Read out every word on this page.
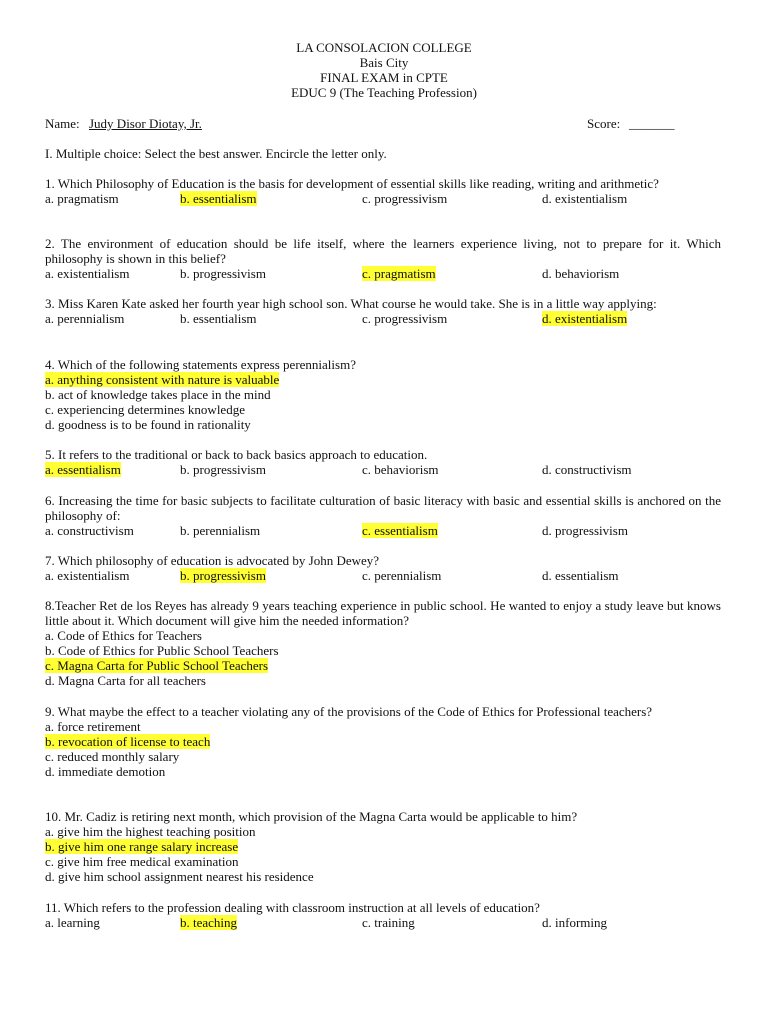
LA CONSOLACION COLLEGE
Bais City
FINAL EXAM in CPTE
EDUC 9 (The Teaching Profession)
Name: Judy Disor Diotay, Jr.	Score: _______
I. Multiple choice: Select the best answer. Encircle the letter only.
1. Which Philosophy of Education is the basis for development of essential skills like reading, writing and arithmetic?
a. pragmatism	b. essentialism	c. progressivism	d. existentialism
2. The environment of education should be life itself, where the learners experience living, not to prepare for it. Which philosophy is shown in this belief?
a. existentialism	b. progressivism	c. pragmatism	d. behaviorism
3. Miss Karen Kate asked her fourth year high school son. What course he would take. She is in a little way applying:
a. perennialism	b. essentialism	c. progressivism	d. existentialism
4. Which of the following statements express perennialism?
a. anything consistent with nature is valuable
b. act of knowledge takes place in the mind
c. experiencing determines knowledge
d. goodness is to be found in rationality
5. It refers to the traditional or back to back basics approach to education.
a. essentialism	b. progressivism	c. behaviorism	d. constructivism
6. Increasing the time for basic subjects to facilitate culturation of basic literacy with basic and essential skills is anchored on the philosophy of:
a. constructivism	b. perennialism	c. essentialism	d. progressivism
7. Which philosophy of education is advocated by John Dewey?
a. existentialism	b. progressivism	c. perennialism	d. essentialism
8.Teacher Ret de los Reyes has already 9 years teaching experience in public school. He wanted to enjoy a study leave but knows little about it. Which document will give him the needed information?
a. Code of Ethics for Teachers
b. Code of Ethics for Public School Teachers
c. Magna Carta for Public School Teachers
d. Magna Carta for all teachers
9. What maybe the effect to a teacher violating any of the provisions of the Code of Ethics for Professional teachers?
a. force retirement
b. revocation of license to teach
c. reduced monthly salary
d. immediate demotion
10. Mr. Cadiz is retiring next month, which provision of the Magna Carta would be applicable to him?
a. give him the highest teaching position
b. give him one range salary increase
c. give him free medical examination
d. give him school assignment nearest his residence
11. Which refers to the profession dealing with classroom instruction at all levels of education?
a. learning	b. teaching	c. training	d. informing
